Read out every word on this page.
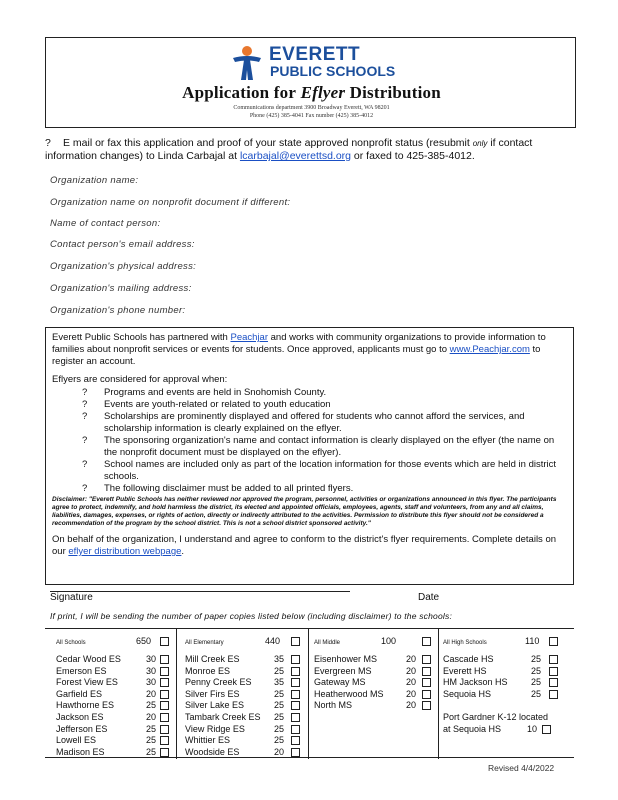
EVERETT
PUBLIC SCHOOLS
Application for Eflyer Distribution
Communications department 3900 Broadway Everett, WA 98201
Phone (425) 385-4041 Fax number (425) 385-4012
? E mail or fax this application and proof of your state approved nonprofit status (resubmit only if contact information changes) to Linda Carbajal at lcarbajal@everettsd.org or faxed to 425-385-4012.
Organization name:
Organization name on nonprofit document if different:
Name of contact person:
Contact person's email address:
Organization's physical address:
Organization's mailing address:
Organization's phone number:

Everett Public Schools has partnered with Peachjar and works with community organizations to provide information to families about nonprofit services or events for students. Once approved, applicants must go to www.Peachjar.com to register an account.

Eflyers are considered for approval when:

? Programs and events are held in Snohomish County.
? Events are youth-related or related to youth education
? Scholarships are prominently displayed and offered for students who cannot afford the services, and scholarship information is clearly explained on the eflyer.
? The sponsoring organization's name and contact information is clearly displayed on the eflyer (the name on the nonprofit document must be displayed on the eflyer).
? School names are included only as part of the location information for those events which are held in district schools.
? The following disclaimer must be added to all printed flyers.

Disclaimer: "Everett Public Schools has neither reviewed nor approved the program, personnel, activities or organizations announced in this flyer. The participants agree to protect, indemnify, and hold harmless the district, its elected and appointed officials, employees, agents, staff and volunteers, from any and all claims, liabilities, damages, expenses, or rights of action, directly or indirectly attributed to the activities. Permission to distribute this flyer should not be considered a recommendation of the program by the school district. This is not a school district sponsored activity."

On behalf of the organization, I understand and agree to conform to the district's flyer requirements. Complete details on our eflyer distribution webpage.

Signature	Date
If print, I will be sending the number of paper copies listed below (including disclaimer) to the schools:
All Schools	650
Cedar Wood ES	30
Emerson ES	30
Forest View ES	30
Garfield ES	20
Hawthorne ES	25
Jackson ES	20
Jefferson ES	25
Lowell ES	25
Madison ES	25
All Elementary	440
Mill Creek ES	35
Monroe ES	25
Penny Creek ES	35
Silver Firs ES	25
Silver Lake ES	25
Tambark Creek ES	25
View Ridge ES	25
Whittier ES	25
Woodside ES	20
All Middle	100
Eisenhower MS	20
Evergreen MS	20
Gateway MS	20
Heatherwood MS	20
North MS	20
All High Schools	110
Cascade HS	25
Everett HS	25
HM Jackson HS	25
Sequoia HS	25
Port Gardner K-12 located
at Sequoia HS	10
Revised 4/4/2022
